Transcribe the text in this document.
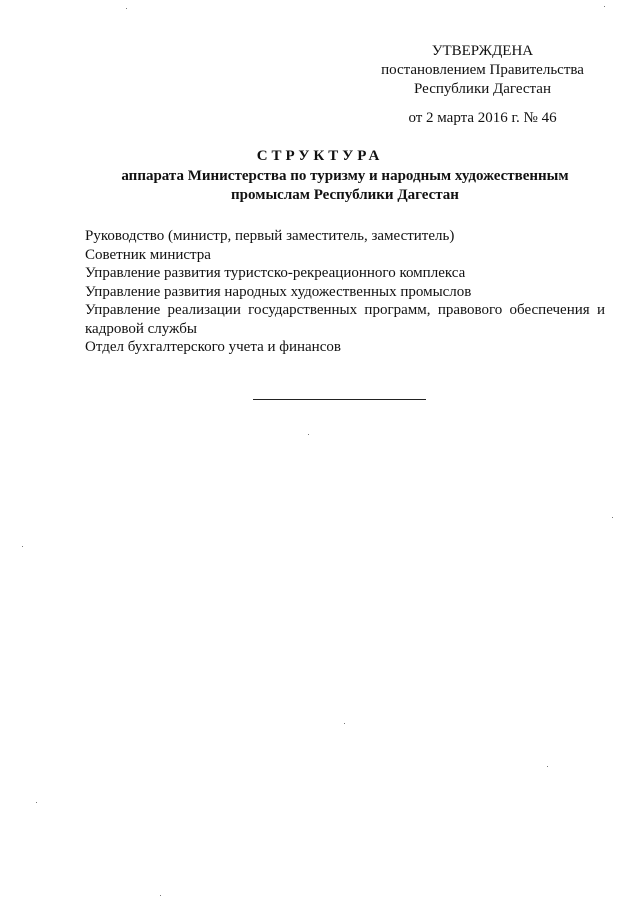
УТВЕРЖДЕНА
постановлением Правительства
Республики Дагестан
от 2 марта 2016 г. № 46
СТРУКТУРА
аппарата Министерства по туризму и народным художественным
промыслам Республики Дагестан
Руководство (министр, первый заместитель, заместитель)
Советник министра
Управление развития туристско-рекреационного комплекса
Управление развития народных художественных промыслов
Управление реализации государственных программ, правового обеспечения и кадровой службы
Отдел бухгалтерского учета и финансов
